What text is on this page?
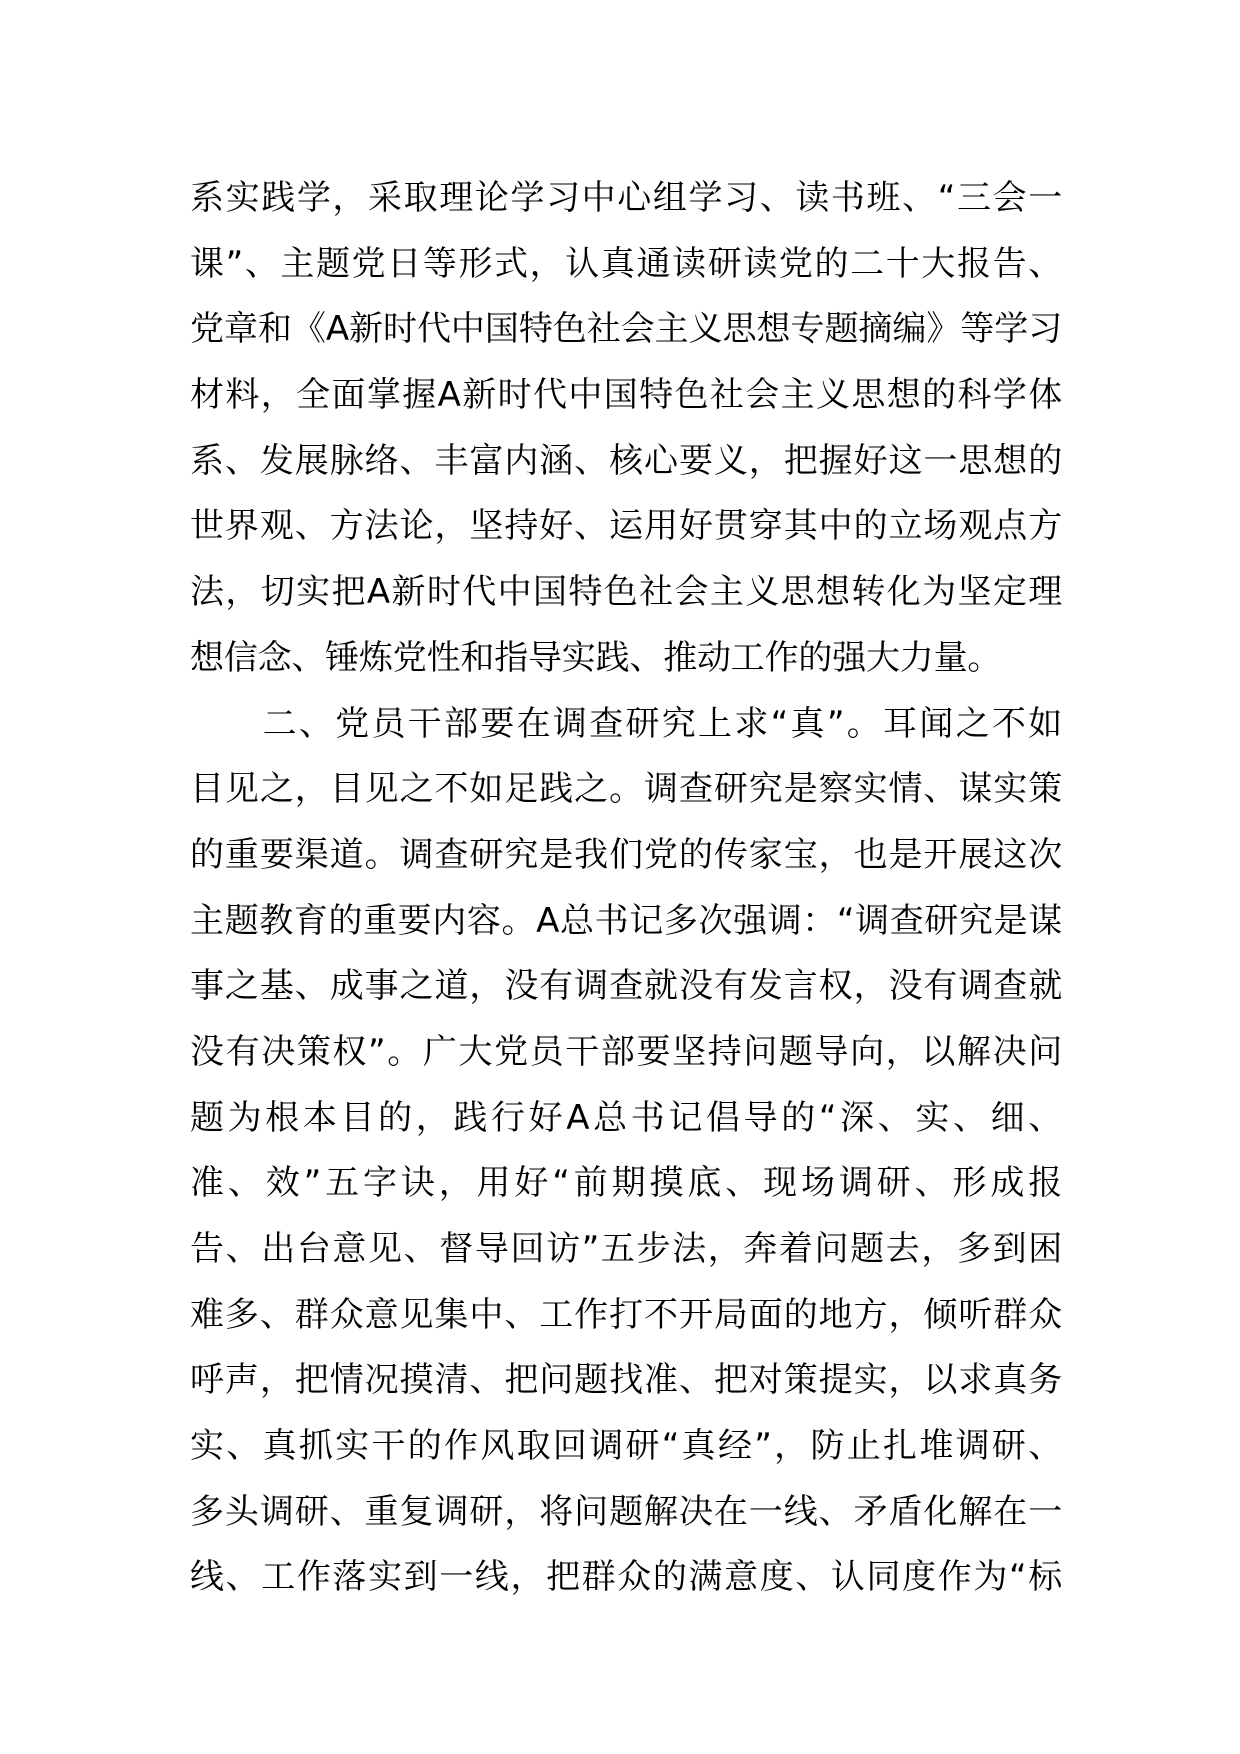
系实践学，采取理论学习中心组学习、读书班、“三会一
课”、主题党日等形式，认真通读研读党的二十大报告、
党章和《A新时代中国特色社会主义思想专题摘编》等学习
材料，全面掌握A新时代中国特色社会主义思想的科学体
系、发展脉络、丰富内涵、核心要义，把握好这一思想的
世界观、方法论，坚持好、运用好贯穿其中的立场观点方
法，切实把A新时代中国特色社会主义思想转化为坚定理
想信念、锤炼党性和指导实践、推动工作的强大力量。
　　二、党员干部要在调查研究上求“真”。耳闻之不如
目见之，目见之不如足践之。调查研究是察实情、谋实策
的重要渠道。调查研究是我们党的传家宝，也是开展这次
主题教育的重要内容。A总书记多次强调：“调查研究是谋
事之基、成事之道，没有调查就没有发言权，没有调查就
没有决策权”。广大党员干部要坚持问题导向，以解决问
题为根本目的，践行好A总书记倡导的“深、实、细、
准、效”五字诀，用好“前期摸底、现场调研、形成报
告、出台意见、督导回访”五步法，奔着问题去，多到困
难多、群众意见集中、工作打不开局面的地方，倾听群众
呼声，把情况摸清、把问题找准、把对策提实，以求真务
实、真抓实干的作风取回调研“真经”，防止扎堆调研、
多头调研、重复调研，将问题解决在一线、矛盾化解在一
线、工作落实到一线，把群众的满意度、认同度作为“标
